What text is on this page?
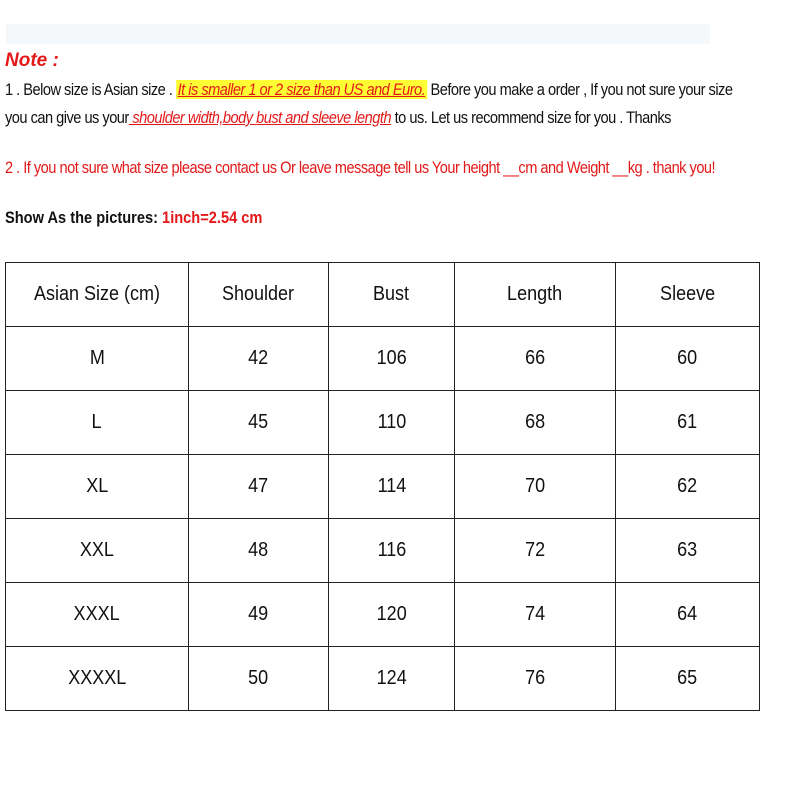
Note :
1 . Below size is Asian size . It is smaller 1 or 2 size than US and Euro. Before you make a order , If you not sure your size
you can give us your shoulder width,body bust and sleeve length to us. Let us recommend size for you . Thanks
2 . If you not sure what size please contact us Or leave message tell us Your height __cm and Weight __kg . thank you!
Show As the pictures: 1inch=2.54 cm
Asian Size (cm)	Shoulder	Bust	Length	Sleeve
M	42	106	66	60
L	45	110	68	61
XL	47	114	70	62
XXL	48	116	72	63
XXXL	49	120	74	64
XXXXL	50	124	76	65
